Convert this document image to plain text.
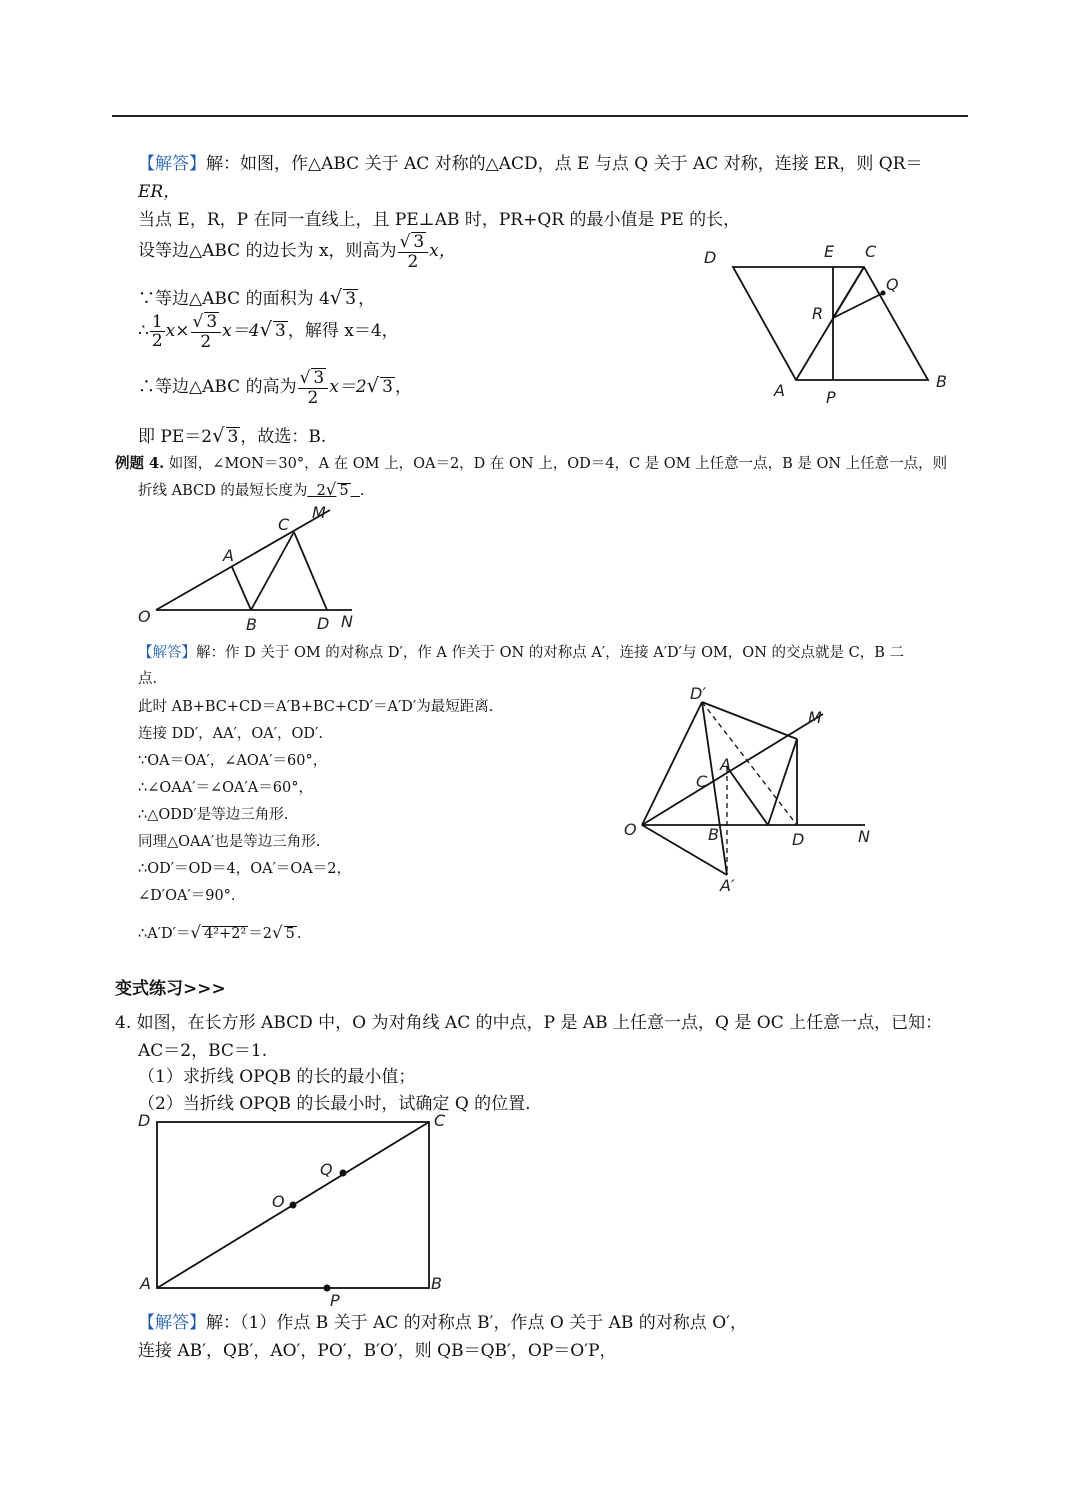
【解答】解：如图，作△ABC 关于 AC 对称的△ACD，点 E 与点 Q 关于 AC 对称，连接 ER，则 QR＝
ER，
当点 E，R，P 在同一直线上，且 PE⊥AB 时，PR+QR 的最小值是 PE 的长，
设等边△ABC 的边长为 x，则高为 $\frac{√ 3}{2}$ x，
∵等边△ABC 的面积为 4√ 3 ，
∴ $\frac{1}{2} x\times \frac{√ 3}{2} x=4√$ 3 ，解得 x＝4，
∴等边△ABC 的高为 $\frac{√ 3}{2} x=2√$ 3 ，
即 PE＝2√ 3 ，故选：B.
D	E C
Q
R
A	P
B
例题 4. 如图，∠MON＝30°，A 在 OM 上，OA＝2，D 在 ON 上，OD＝4，C 是 OM 上任意一点，B 是 ON 上任意一点，则
折线 ABCD 的最短长度为 2√ 5 .
M
C
A
O	B	D N
【解答】解：作 D 关于 OM 的对称点 D′，作 A 作关于 ON 的对称点 A′，连接 A′D′与 OM，ON 的交点就是 C，B 二
点.
此时 AB+BC+CD＝A′B+BC+CD′＝A′D′为最短距离.
连接 DD′，AA′，OA′，OD′.
∵OA＝OA′，∠AOA′＝60°，
∴∠OAA′＝∠OA′A＝60°，
∴△ODD′是等边三角形.
同理△OAA′也是等边三角形.
∴OD′＝OD＝4，OA′＝OA＝2，
∠D′OA′＝90°.
∴A′D′＝√ 4²+2² ＝2√ 5 .
D′
M
A
C
O	B	D	N
A′
变式练习>>>
4. 如图，在长方形 ABCD 中，O 为对角线 AC 的中点，P 是 AB 上任意一点，Q 是 OC 上任意一点，已知：
AC＝2，BC＝1.
（1）求折线 OPQB 的长的最小值；
（2）当折线 OPQB 的长最小时，试确定 Q 的位置.
D	C
Q
O
A
P
B
【解答】解：（1）作点 B 关于 AC 的对称点 B′，作点 O 关于 AB 的对称点 O′，
连接 AB′，QB′，AO′，PO′，B′O′，则 QB＝QB′，OP＝O′P，
